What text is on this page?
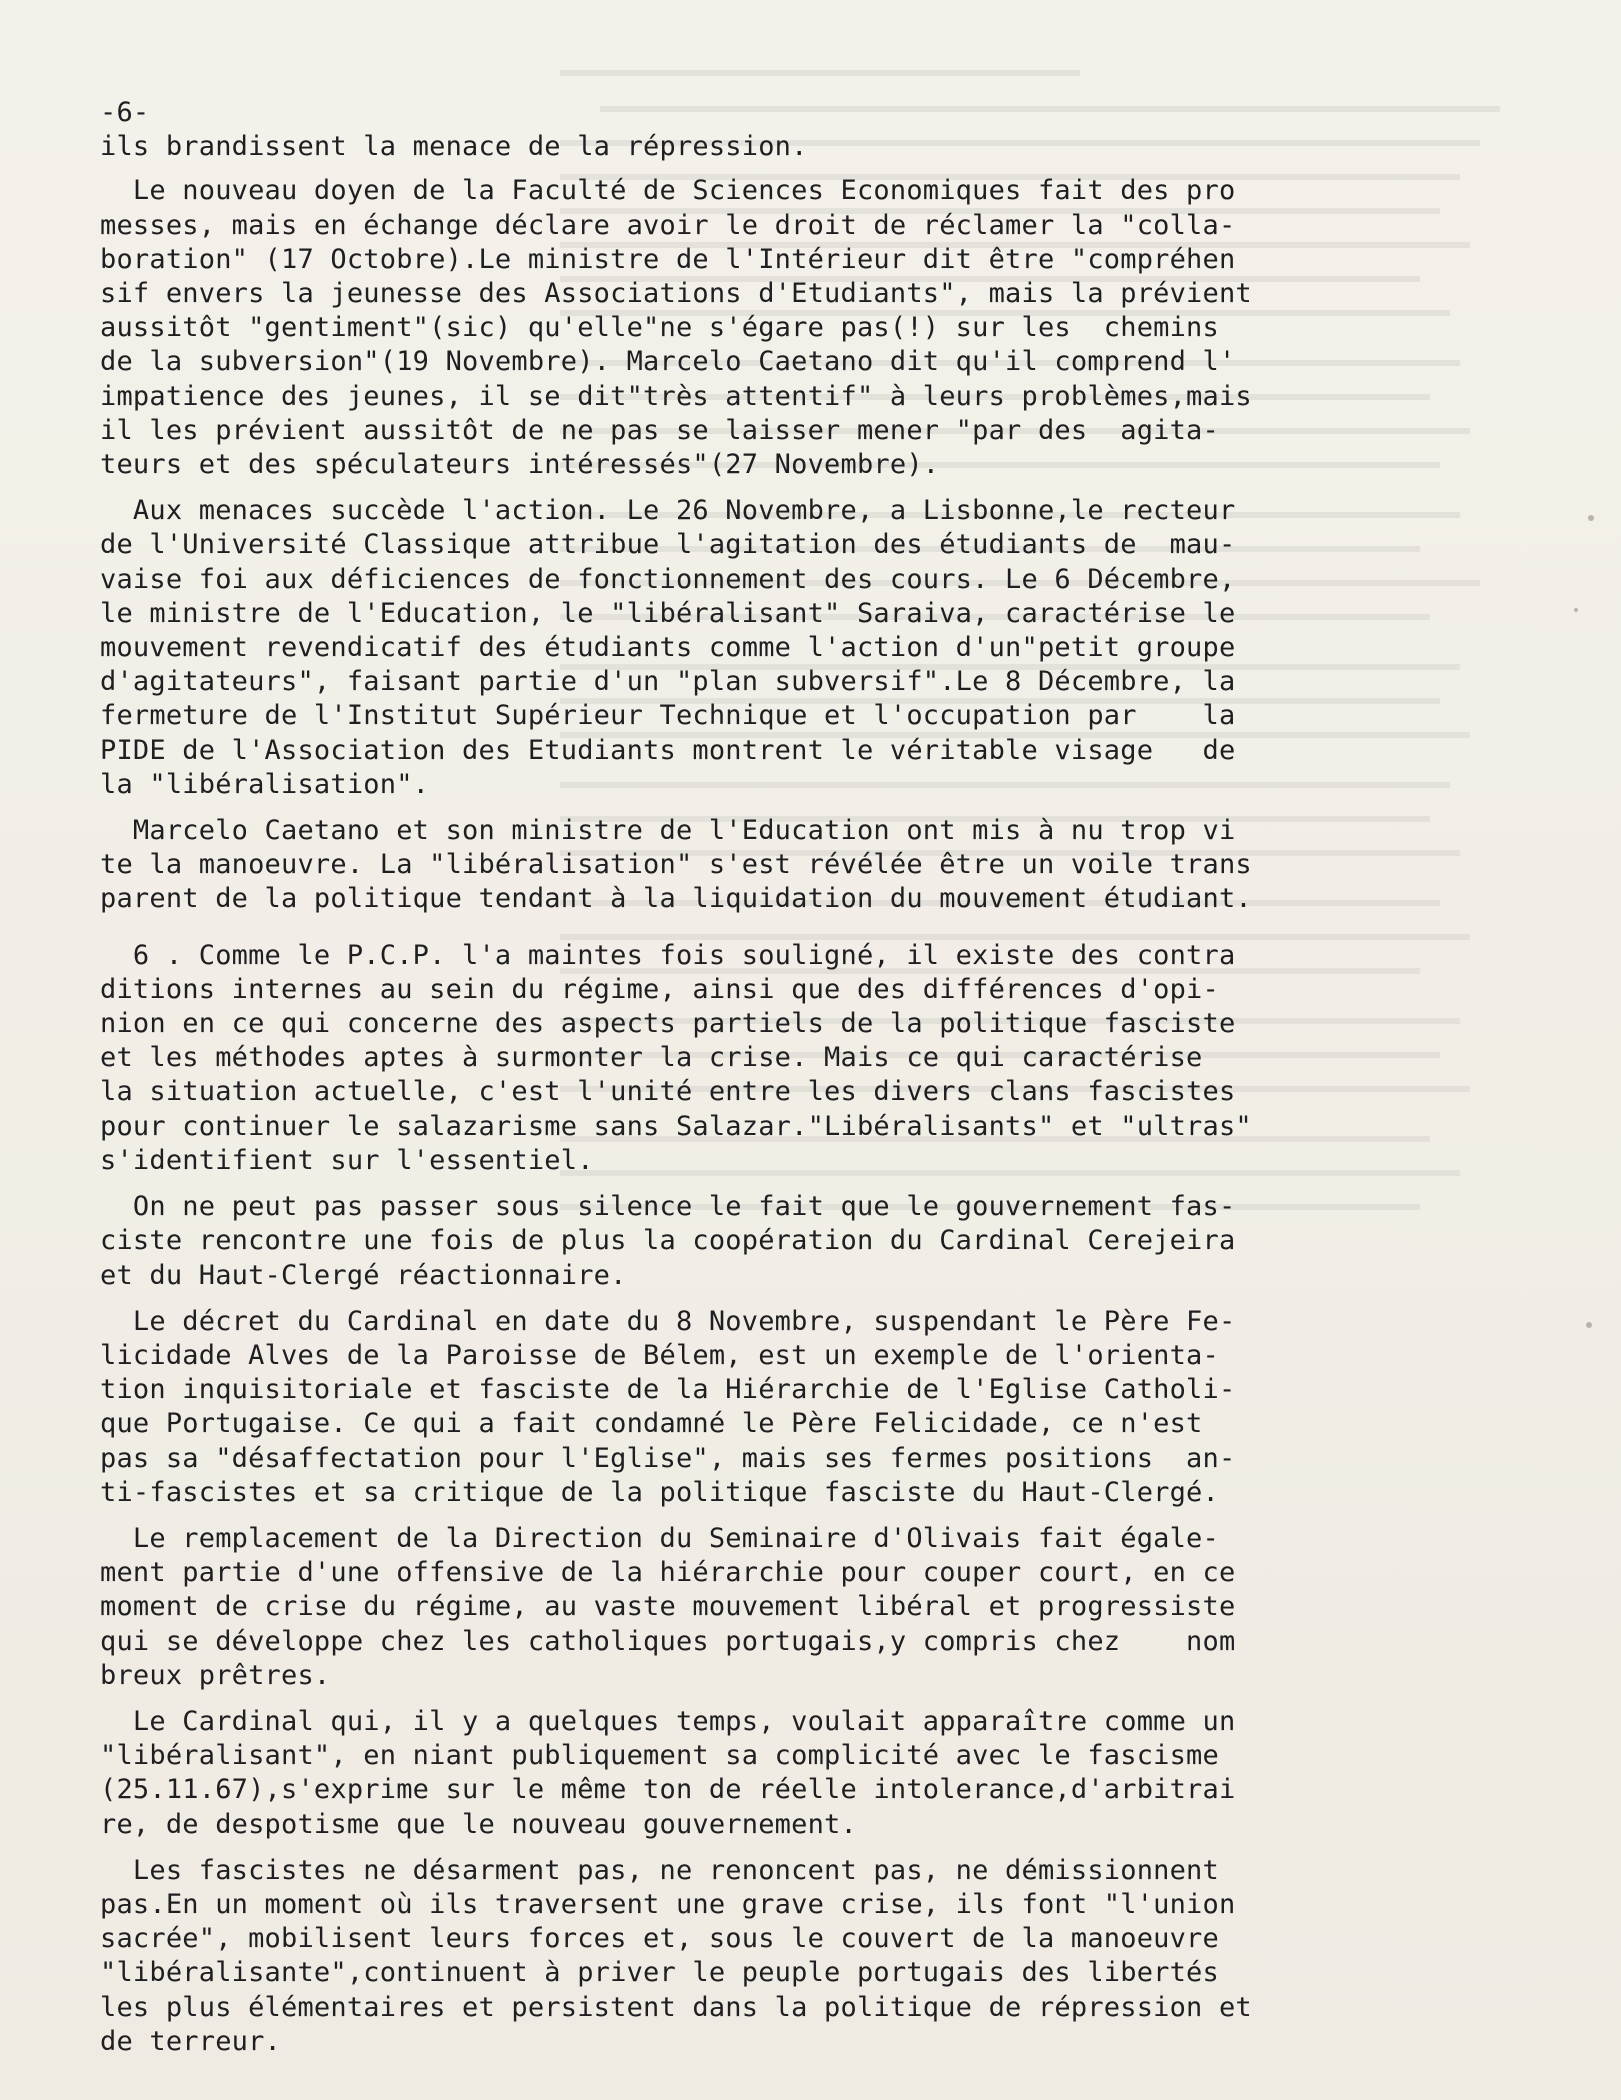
-6-

ils brandissent la menace de la répression.

Le nouveau doyen de la Faculté de Sciences Economiques fait des pro
messes, mais en échange déclare avoir le droit de réclamer la "colla-
boration" (17 Octobre).Le ministre de l'Intérieur dit être "compréhen
sif envers la jeunesse des Associations d'Etudiants", mais la prévient
aussitôt "gentiment"(sic) qu'elle"ne s'égare pas(!) sur les  chemins
de la subversion"(19 Novembre). Marcelo Caetano dit qu'il comprend l'
impatience des jeunes, il se dit"très attentif" à leurs problèmes,mais
il les prévient aussitôt de ne pas se laisser mener "par des  agita-
teurs et des spéculateurs intéressés"(27 Novembre).

Aux menaces succède l'action. Le 26 Novembre, a Lisbonne,le recteur
de l'Université Classique attribue l'agitation des étudiants de  mau-
vaise foi aux déficiences de fonctionnement des cours. Le 6 Décembre,
le ministre de l'Education, le "libéralisant" Saraiva, caractérise le
mouvement revendicatif des étudiants comme l'action d'un"petit groupe
d'agitateurs", faisant partie d'un "plan subversif".Le 8 Décembre, la
fermeture de l'Institut Supérieur Technique et l'occupation par    la
PIDE de l'Association des Etudiants montrent le véritable visage   de
la "libéralisation".

Marcelo Caetano et son ministre de l'Education ont mis à nu trop vi
te la manoeuvre. La "libéralisation" s'est révélée être un voile trans
parent de la politique tendant à la liquidation du mouvement étudiant.

6 . Comme le P.C.P. l'a maintes fois souligné, il existe des contra
ditions internes au sein du régime, ainsi que des différences d'opi-
nion en ce qui concerne des aspects partiels de la politique fasciste
et les méthodes aptes à surmonter la crise. Mais ce qui caractérise
la situation actuelle, c'est l'unité entre les divers clans fascistes
pour continuer le salazarisme sans Salazar."Libéralisants" et "ultras"
s'identifient sur l'essentiel.

On ne peut pas passer sous silence le fait que le gouvernement fas-
ciste rencontre une fois de plus la coopération du Cardinal Cerejeira
et du Haut-Clergé réactionnaire.

Le décret du Cardinal en date du 8 Novembre, suspendant le Père Fe-
licidade Alves de la Paroisse de Bélem, est un exemple de l'orienta-
tion inquisitoriale et fasciste de la Hiérarchie de l'Eglise Catholi-
que Portugaise. Ce qui a fait condamné le Père Felicidade, ce n'est
pas sa "désaffectation pour l'Eglise", mais ses fermes positions  an-
ti-fascistes et sa critique de la politique fasciste du Haut-Clergé.

Le remplacement de la Direction du Seminaire d'Olivais fait égale-
ment partie d'une offensive de la hiérarchie pour couper court, en ce
moment de crise du régime, au vaste mouvement libéral et progressiste
qui se développe chez les catholiques portugais,y compris chez    nom
breux prêtres.

Le Cardinal qui, il y a quelques temps, voulait apparaître comme un
"libéralisant", en niant publiquement sa complicité avec le fascisme
(25.11.67),s'exprime sur le même ton de réelle intolerance,d'arbitrai
re, de despotisme que le nouveau gouvernement.

Les fascistes ne désarment pas, ne renoncent pas, ne démissionnent
pas.En un moment où ils traversent une grave crise, ils font "l'union
sacrée", mobilisent leurs forces et, sous le couvert de la manoeuvre
"libéralisante",continuent à priver le peuple portugais des libertés
les plus élémentaires et persistent dans la politique de répression et
de terreur.
